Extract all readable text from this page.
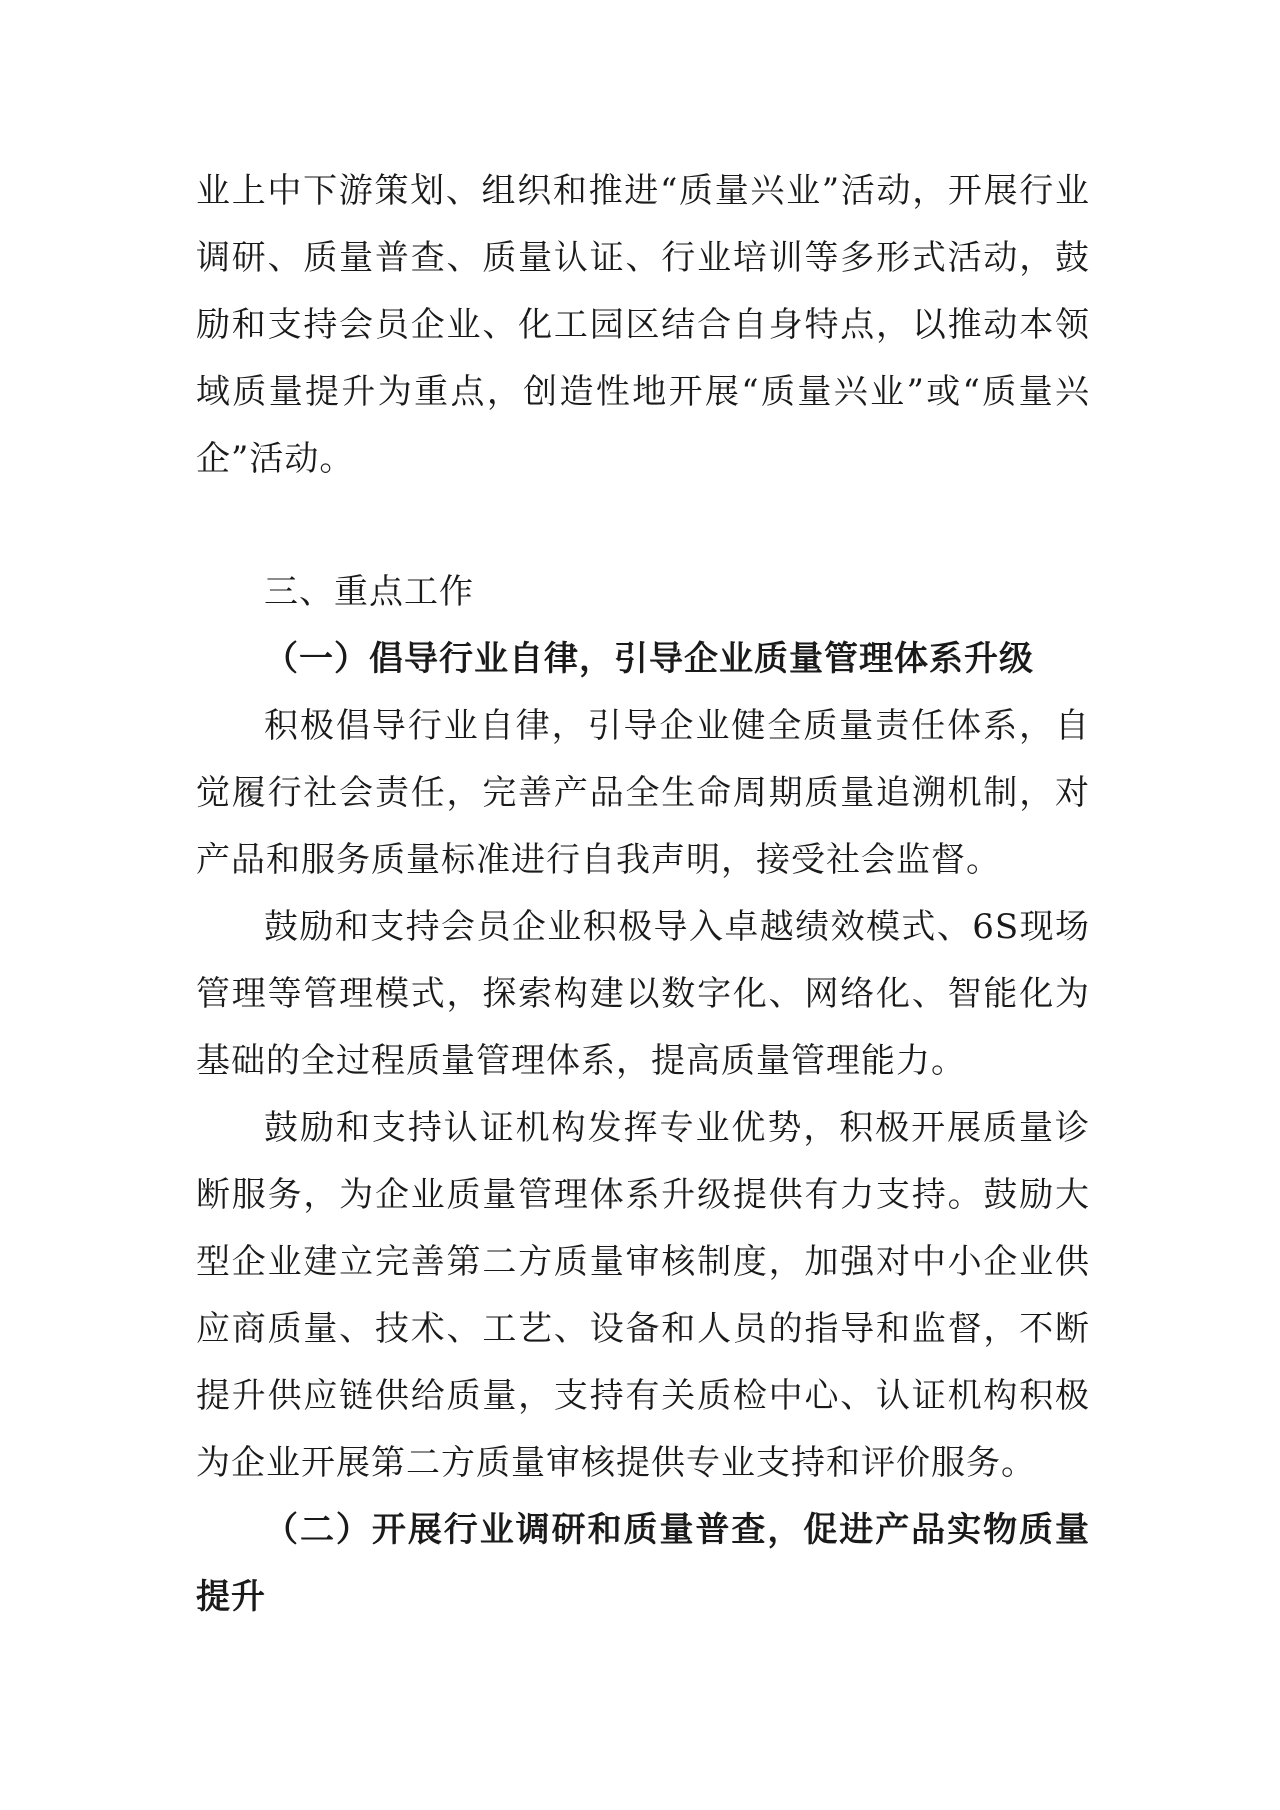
业上中下游策划、组织和推进“质量兴业”活动，开展行业调研、质量普查、质量认证、行业培训等多形式活动，鼓励和支持会员企业、化工园区结合自身特点，以推动本领域质量提升为重点，创造性地开展“质量兴业”或“质量兴企”活动。

三、重点工作

（一）倡导行业自律，引导企业质量管理体系升级

积极倡导行业自律，引导企业健全质量责任体系，自觉履行社会责任，完善产品全生命周期质量追溯机制，对产品和服务质量标准进行自我声明，接受社会监督。

鼓励和支持会员企业积极导入卓越绩效模式、6S现场管理等管理模式，探索构建以数字化、网络化、智能化为基础的全过程质量管理体系，提高质量管理能力。

鼓励和支持认证机构发挥专业优势，积极开展质量诊断服务，为企业质量管理体系升级提供有力支持。鼓励大型企业建立完善第二方质量审核制度，加强对中小企业供应商质量、技术、工艺、设备和人员的指导和监督，不断提升供应链供给质量，支持有关质检中心、认证机构积极为企业开展第二方质量审核提供专业支持和评价服务。

（二）开展行业调研和质量普查，促进产品实物质量提升
